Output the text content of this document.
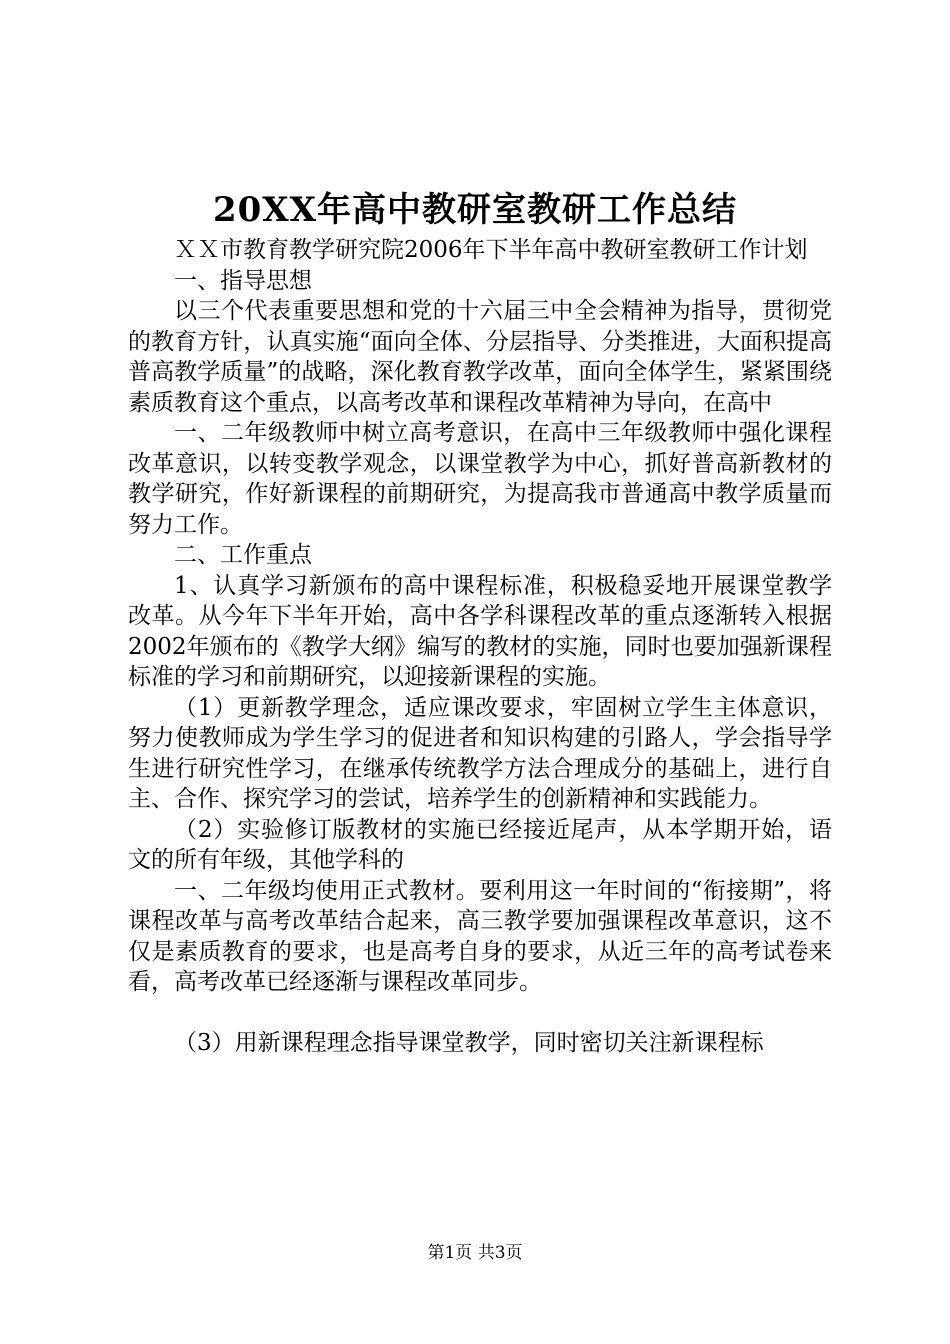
20XX年高中教研室教研工作总结

ＸＸ市教育教学研究院2006年下半年高中教研室教研工作计划

一、指导思想

以三个代表重要思想和党的十六届三中全会精神为指导，贯彻党的教育方针，认真实施“面向全体、分层指导、分类推进，大面积提高普高教学质量”的战略，深化教育教学改革，面向全体学生，紧紧围绕素质教育这个重点，以高考改革和课程改革精神为导向，在高中

一、二年级教师中树立高考意识，在高中三年级教师中强化课程改革意识，以转变教学观念，以课堂教学为中心，抓好普高新教材的教学研究，作好新课程的前期研究，为提高我市普通高中教学质量而努力工作。

二、工作重点

1、认真学习新颁布的高中课程标准，积极稳妥地开展课堂教学改革。从今年下半年开始，高中各学科课程改革的重点逐渐转入根据2002年颁布的《教学大纲》编写的教材的实施，同时也要加强新课程标准的学习和前期研究，以迎接新课程的实施。

（1）更新教学理念，适应课改要求，牢固树立学生主体意识，努力使教师成为学生学习的促进者和知识构建的引路人，学会指导学生进行研究性学习，在继承传统教学方法合理成分的基础上，进行自主、合作、探究学习的尝试，培养学生的创新精神和实践能力。

（2）实验修订版教材的实施已经接近尾声，从本学期开始，语文的所有年级，其他学科的

一、二年级均使用正式教材。要利用这一年时间的“衔接期”，将课程改革与高考改革结合起来，高三教学要加强课程改革意识，这不仅是素质教育的要求，也是高考自身的要求，从近三年的高考试卷来看，高考改革已经逐渐与课程改革同步。

（3）用新课程理念指导课堂教学，同时密切关注新课程标

第1页 共3页
